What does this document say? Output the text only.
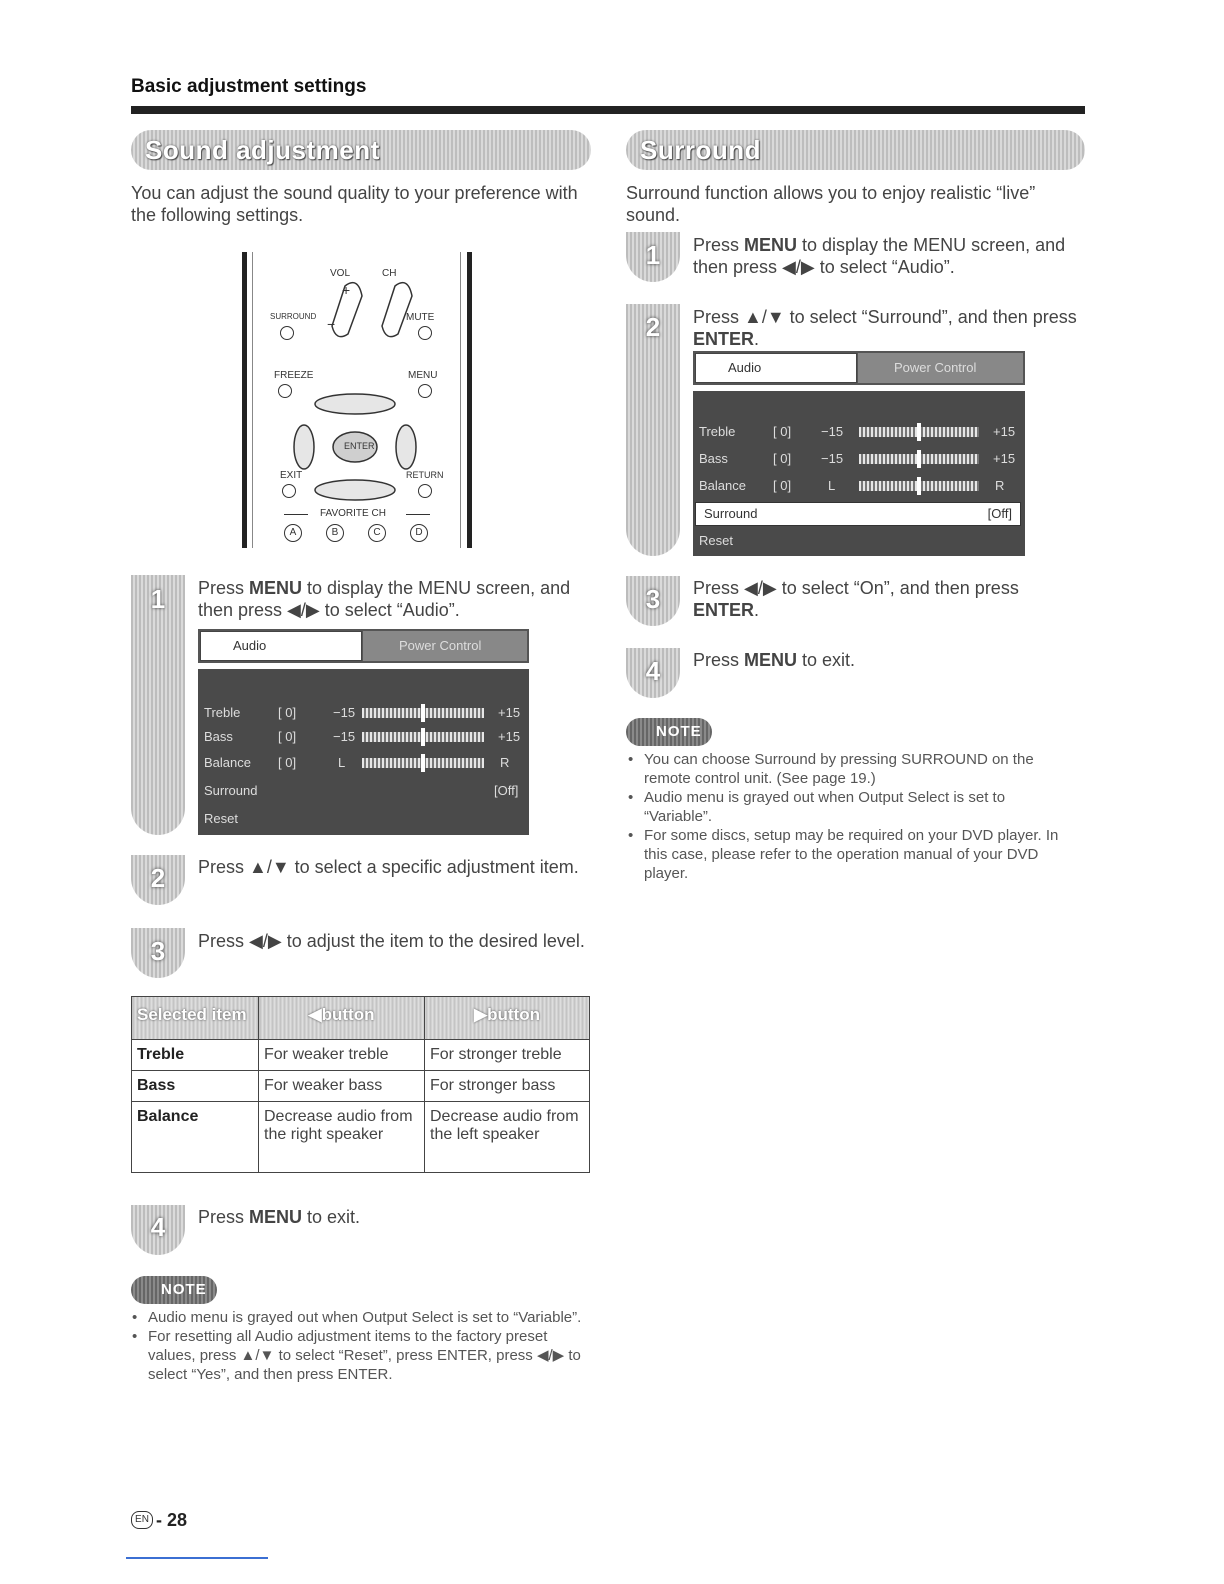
Basic adjustment settings
Sound adjustment
You can adjust the sound quality to your preference with the following settings.
VOL	CH
+
−
SURROUND	MUTE
FREEZE	MENU
ENTER
EXIT	RETURN
FAVORITE CH
A	B	C	D
1	Press MENU to display the MENU screen, and then press ◀/▶ to select “Audio”.
Audio	Power Control
Treble	[ 0]	−15	+15
Bass	[ 0]	−15	+15
Balance [ 0]	L	R
Surround	[Off]
Reset
2	Press ▲/▼ to select a specific adjustment item.
3	Press ◀/▶ to adjust the item to the desired level.
Selected item	◀button	▶button
Treble	For weaker treble	For stronger treble
Bass	For weaker bass	For stronger bass
Balance	Decrease audio from the right speaker	Decrease audio from the left speaker
4	Press MENU to exit.
NOTE
• Audio menu is grayed out when Output Select is set to “Variable”.
• For resetting all Audio adjustment items to the factory preset values, press ▲/▼ to select “Reset”, press ENTER, press ◀/▶ to select “Yes”, and then press ENTER.
Surround
Surround function allows you to enjoy realistic “live” sound.
1	Press MENU to display the MENU screen, and then press ◀/▶ to select “Audio”.
2	Press ▲/▼ to select “Surround”, and then press ENTER.
Audio	Power Control
Treble	[ 0] −15	+15
Bass	[ 0] −15	+15
Balance [ 0]	L	R
Surround	[Off]
Reset
3	Press ◀/▶ to select “On”, and then press ENTER.
4	Press MENU to exit.
NOTE
• You can choose Surround by pressing SURROUND on the remote control unit. (See page 19.)
• Audio menu is grayed out when Output Select is set to “Variable”.
• For some discs, setup may be required on your DVD player. In this case, please refer to the operation manual of your DVD player.
EN - 28
